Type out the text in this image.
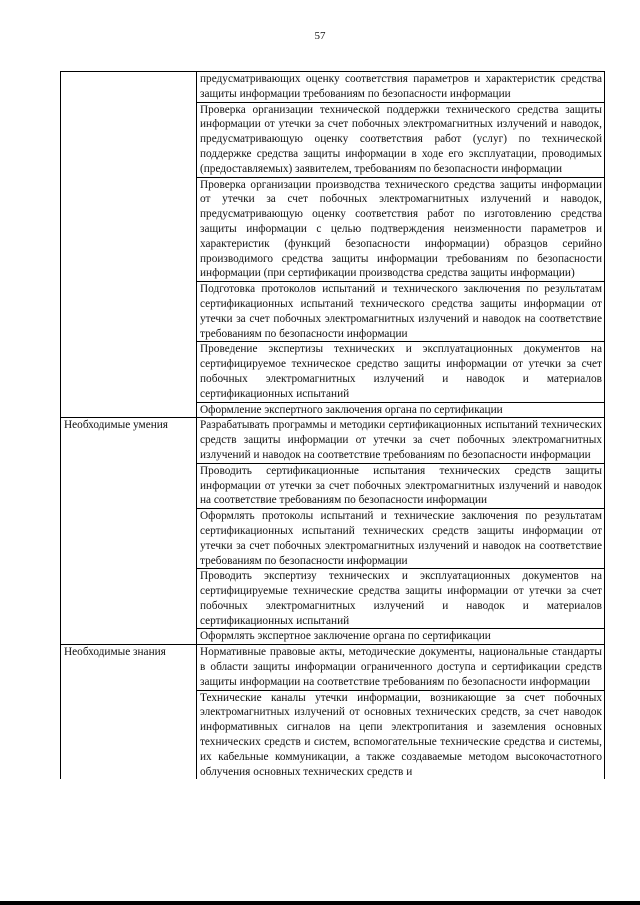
57
	предусматривающих оценку соответствия параметров и характеристик средства защиты информации требованиям по безопасности информации
	Проверка организации технической поддержки технического средства защиты информации от утечки за счет побочных электромагнитных излучений и наводок, предусматривающую оценку соответствия работ (услуг) по технической поддержке средства защиты информации в ходе его эксплуатации, проводимых (предоставляемых) заявителем, требованиям по безопасности информации
	Проверка организации производства технического средства защиты информации от утечки за счет побочных электромагнитных излучений и наводок, предусматривающую оценку соответствия работ по изготовлению средства защиты информации с целью подтверждения неизменности параметров и характеристик (функций безопасности информации) образцов серийно производимого средства защиты информации требованиям по безопасности информации (при сертификации производства средства защиты информации)
	Подготовка протоколов испытаний и технического заключения по результатам сертификационных испытаний технического средства защиты информации от утечки за счет побочных электромагнитных излучений и наводок на соответствие требованиям по безопасности информации
	Проведение экспертизы технических и эксплуатационных документов на сертифицируемое техническое средство защиты информации от утечки за счет побочных электромагнитных излучений и наводок и материалов сертификационных испытаний
	Оформление экспертного заключения органа по сертификации
Необходимые умения	Разрабатывать программы и методики сертификационных испытаний технических средств защиты информации от утечки за счет побочных электромагнитных излучений и наводок на соответствие требованиям по безопасности информации
	Проводить сертификационные испытания технических средств защиты информации от утечки за счет побочных электромагнитных излучений и наводок на соответствие требованиям по безопасности информации
	Оформлять протоколы испытаний и технические заключения по результатам сертификационных испытаний технических средств защиты информации от утечки за счет побочных электромагнитных излучений и наводок на соответствие требованиям по безопасности информации
	Проводить экспертизу технических и эксплуатационных документов на сертифицируемые технические средства защиты информации от утечки за счет побочных электромагнитных излучений и наводок и материалов сертификационных испытаний
	Оформлять экспертное заключение органа по сертификации
Необходимые знания	Нормативные правовые акты, методические документы, национальные стандарты в области защиты информации ограниченного доступа и сертификации средств защиты информации на соответствие требованиям по безопасности информации
	Технические каналы утечки информации, возникающие за счет побочных электромагнитных излучений от основных технических средств, за счет наводок информативных сигналов на цепи электропитания и заземления основных технических средств и систем, вспомогательные технические средства и системы, их кабельные коммуникации, а также создаваемые методом высокочастотного облучения основных технических средств и
